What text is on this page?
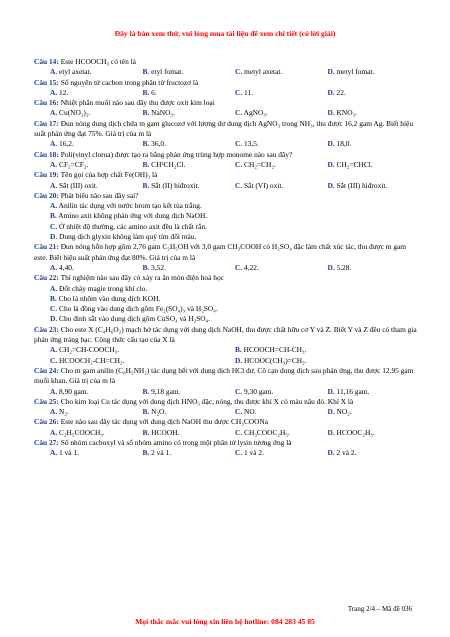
Đây là bản xem thử, vui lòng mua tài liệu để xem chi tiết (có lời giải)

Câu 14: Este HCOOCH₃ có tên là

A. etyl axetat.	B. etyl fomat.	C. metyl axetat.	D. metyl fomat.

Câu 15: Số nguyên tử cacbon trong phân tử fructozơ là

A. 12.	B. 6.	C. 11.	D. 22.

Câu 16: Nhiệt phân muối nào sau đây thu được oxit kim loại

A. Cu(NO₃)₂.	B. NaNO₃.	C. AgNO₃.	D. KNO₃.

Câu 17: Đun nóng dung dịch chứa m gam glucozơ với lượng dư dung dịch AgNO₃ trong NH₃, thu được 16,2 gam Ag. Biết hiệu suất phản ứng đạt 75%. Giá trị của m là

A. 16,2.	B. 36,0.	C. 13,5.	D. 18,0.

Câu 18: Poli(vinyl clorua) được tạo ra bằng phản ứng trùng hợp monome nào sau đây?

A. CF₂=CF₂.	B. CH³CH₂Cl.	C. CH₂=CH₂.	D. CH₂=CHCl.

Câu 19: Tên gọi của hợp chất Fe(OH)₃ là

A. Sắt (III) oxit.	B. Sắt (II) hiđroxit.	C. Sắt (VI) oxit.	D. Sắt (III) hiđroxit.

Câu 20: Phát biểu nào sau đây sai?

A. Anilin tác dụng với nước brom tạo kết tủa trắng.
B. Amino axit không phản ứng với dung dịch NaOH.
C. Ở nhiệt độ thường, các amino axit đều là chất rắn.
D. Dung dịch glyxin không làm quỳ tím đổi màu.

Câu 21: Đun nóng hỗn hợp gồm 2,76 gam C₂H₅OH với 3,0 gam CH₃COOH có H₂SO₄ đặc làm chất xúc tác, thu được m gam este. Biết hiệu suất phản ứng đạt 80%. Giá trị của m là

A. 4,40.	B. 3,52.	C. 4,22.	D. 5,28.

Câu 22: Thí nghiệm nào sau đây có xảy ra ăn mòn điện hoá học

A. Đốt cháy magie trong khí clo.
B. Cho lá nhôm vào dung dịch KOH.
C. Cho lá đồng vào dung dịch gồm Fe₂(SO₄)₃ và H₂SO₄.
D. Cho đinh sắt vào dung dịch gồm CuSO₄ và H₂SO₄.

Câu 23: Cho este X (C₄H₆O₂) mạch hở tác dụng với dung dịch NaOH, thu được chất hữu cơ Y và Z. Biết Y và Z đều có tham gia phản ứng tráng bạc. Công thức cấu tạo của X là

A. CH₂=CH-COOCH₃.	B. HCOOCH=CH-CH₃.
C. HCOOCH₂-CH=CH₂.	D. HCOOC(CH₃)=CH₂.

Câu 24: Cho m gam anilin (C₆H₅NH₂) tác dụng hết với dung dịch HCl dư. Cô cạn dung dịch sau phản ứng, thu được 12,95 gam muối khan. Giá trị của m là

A. 8,90 gam.	B. 9,18 gam.	C. 9,30 gam.	D. 11,16 gam.

Câu 25: Cho kim loại Cu tác dụng với dung dịch HNO₃ đặc, nóng, thu được khí X có màu nâu đỏ. Khí X là

A. N₂.	B. N₂O.	C. NO.	D. NO₂.

Câu 26: Este nào sau đây tác dụng với dung dịch NaOH thu được CH₃COONa

A. C₂H₅COOCH₃.	B. HCOOH.	C. CH₃COOC₂H₅.	D. HCOOC₂H₅.

Câu 27: Số nhóm cacboxyl và số nhóm amino có trong một phân tử lysin tương ứng là

A. 1 và 1.	B. 2 và 1.	C. 1 và 2.	D. 2 và 2.
Trang 2/4 – Mã đề 036
Mọi thắc mắc vui lòng xin liên hệ hotline: 084 283 45 85
